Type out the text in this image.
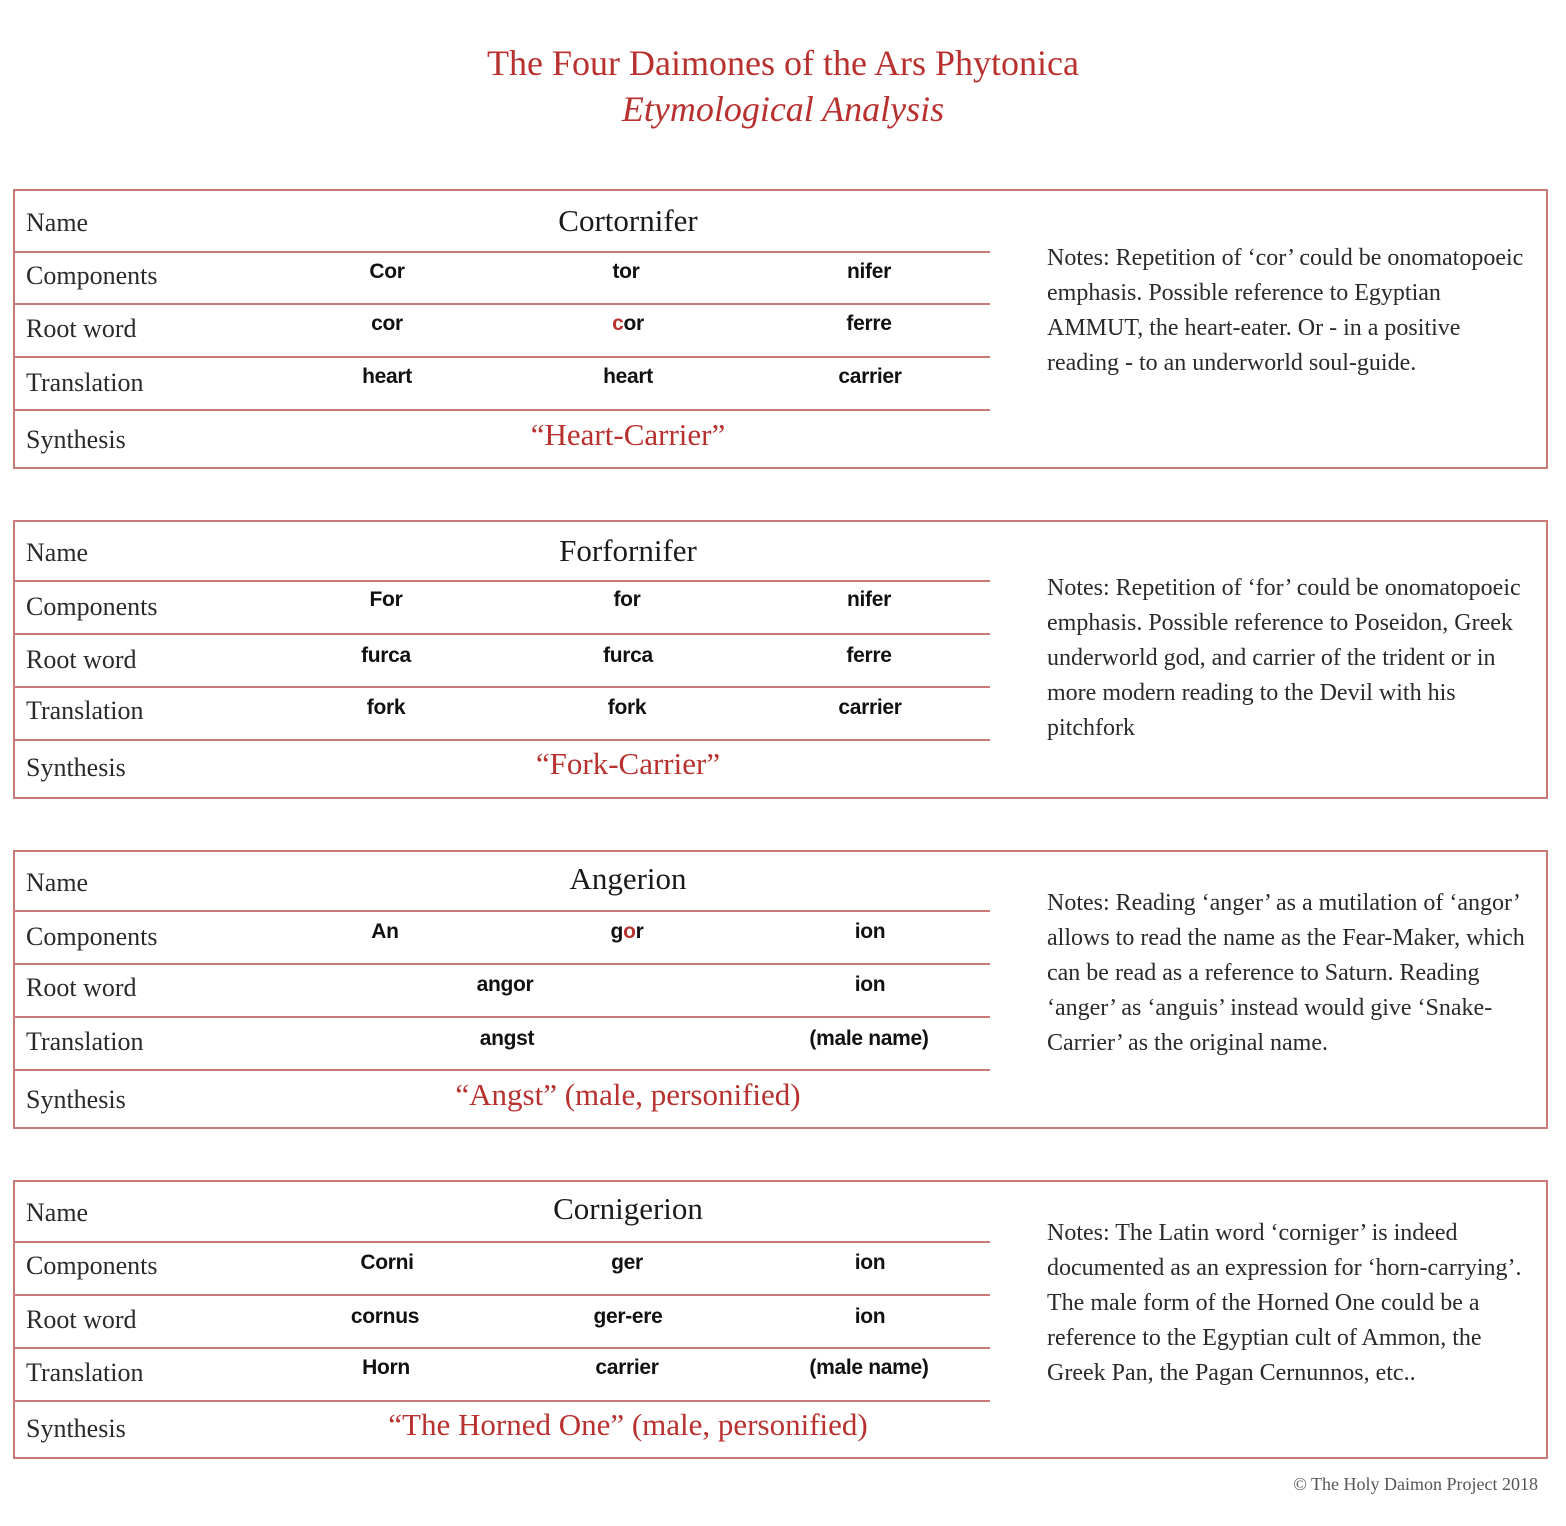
The Four Daimones of the Ars Phytonica
Etymological Analysis
Name	Cortornifer
Components	Cor	tor	nifer
Root word	cor	cor	ferre
Translation	heart	heart	carrier
Synthesis	“Heart-Carrier”
Notes: Repetition of ‘cor’ could be onomatopoeic emphasis. Possible reference to Egyptian AMMUT, the heart-eater. Or - in a positive reading - to an underworld soul-guide.
Name	Forfornifer
Components	For	for	nifer
Root word	furca	furca	ferre
Translation	fork	fork	carrier
Synthesis	“Fork-Carrier”
Notes: Repetition of ‘for’ could be onomatopoeic emphasis. Possible reference to Poseidon, Greek underworld god, and carrier of the trident or in more modern reading to the Devil with his pitchfork
Name	Angerion
Components	An	gor	ion
Root word	angor	ion
Translation	angst	(male name)
Synthesis	“Angst” (male, personified)
Notes: Reading ‘anger’ as a mutilation of ‘angor’ allows to read the name as the Fear-Maker, which can be read as a reference to Saturn. Reading ‘anger’ as ‘anguis’ instead would give ‘Snake-Carrier’ as the original name.
Name	Cornigerion
Components	Corni	ger	ion
Root word	cornus	ger-ere	ion
Translation	Horn	carrier	(male name)
Synthesis	“The Horned One” (male, personified)
Notes: The Latin word ‘corniger’ is indeed documented as an expression for ‘horn-carrying’. The male form of the Horned One could be a reference to the Egyptian cult of Ammon, the Greek Pan, the Pagan Cernunnos, etc..
© The Holy Daimon Project 2018
